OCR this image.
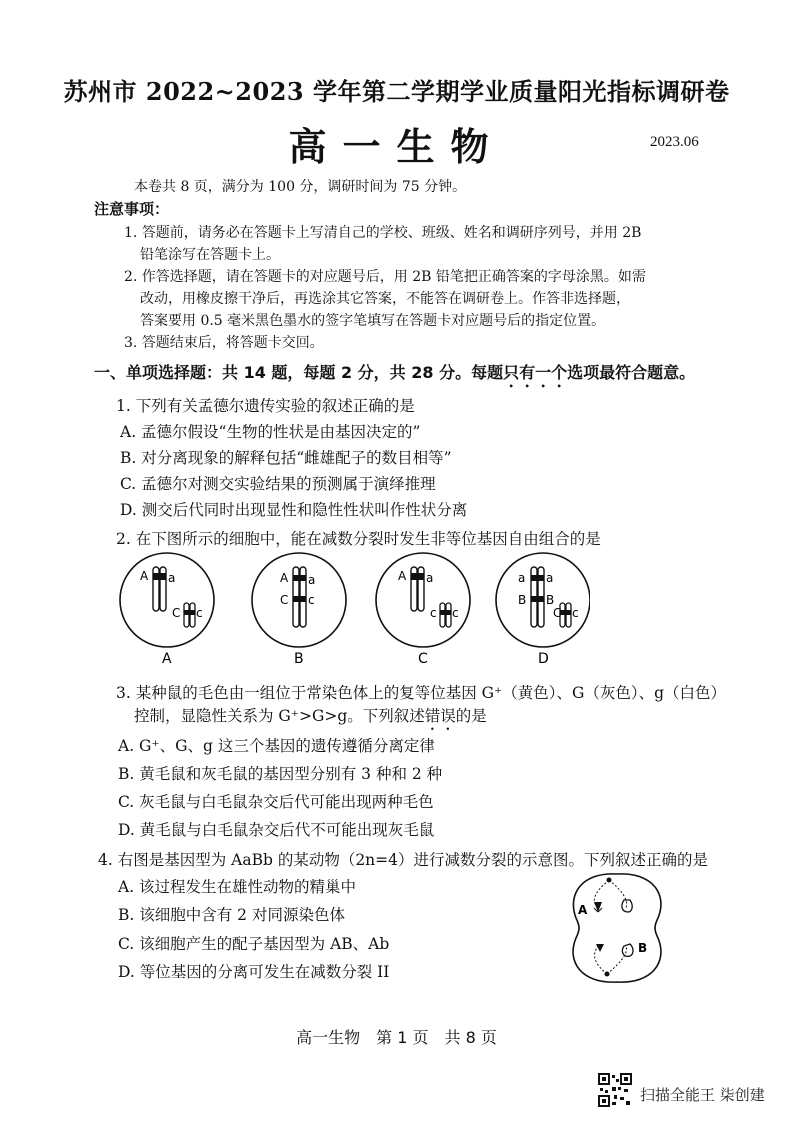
苏州市 2022~2023 学年第二学期学业质量阳光指标调研卷
高一生物	2023.06
本卷共 8 页，满分为 100 分，调研时间为 75 分钟。
注意事项：
1. 答题前，请务必在答题卡上写清自己的学校、班级、姓名和调研序列号，并用 2B
铅笔涂写在答题卡上。
2. 作答选择题，请在答题卡的对应题号后，用 2B 铅笔把正确答案的字母涂黑。如需
改动，用橡皮擦干净后，再选涂其它答案，不能答在调研卷上。作答非选择题，
答案要用 0.5 毫米黑色墨水的签字笔填写在答题卡对应题号后的指定位置。
3. 答题结束后，将答题卡交回。
一、单项选择题：共 14 题，每题 2 分，共 28 分。每题只有一个选项最符合题意。
1. 下列有关孟德尔遗传实验的叙述正确的是
A. 孟德尔假设“生物的性状是由基因决定的”
B. 对分离现象的解释包括“雌雄配子的数目相等”
C. 孟德尔对测交实验结果的预测属于演绎推理
D. 测交后代同时出现显性和隐性性状叫作性状分离
2. 在下图所示的细胞中，能在减数分裂时发生非等位基因自由组合的是
A a
C c
A
A a
C c
B
A a
c c
C
a a
B B
C c
D
3. 某种鼠的毛色由一组位于常染色体上的复等位基因 G⁺（黄色）、G（灰色）、g（白色）
控制，显隐性关系为 G⁺>G>g。下列叙述错误的是
A. G⁺、G、g 这三个基因的遗传遵循分离定律
B. 黄毛鼠和灰毛鼠的基因型分别有 3 种和 2 种
C. 灰毛鼠与白毛鼠杂交后代可能出现两种毛色
D. 黄毛鼠与白毛鼠杂交后代不可能出现灰毛鼠
4. 右图是基因型为 AaBb 的某动物（2n=4）进行减数分裂的示意图。下列叙述正确的是
A. 该过程发生在雄性动物的精巢中
B. 该细胞中含有 2 对同源染色体
C. 该细胞产生的配子基因型为 AB、Ab
D. 等位基因的分离可发生在减数分裂 II
A
B
高一生物　第 1 页　共 8 页
扫描全能王 柒创建
